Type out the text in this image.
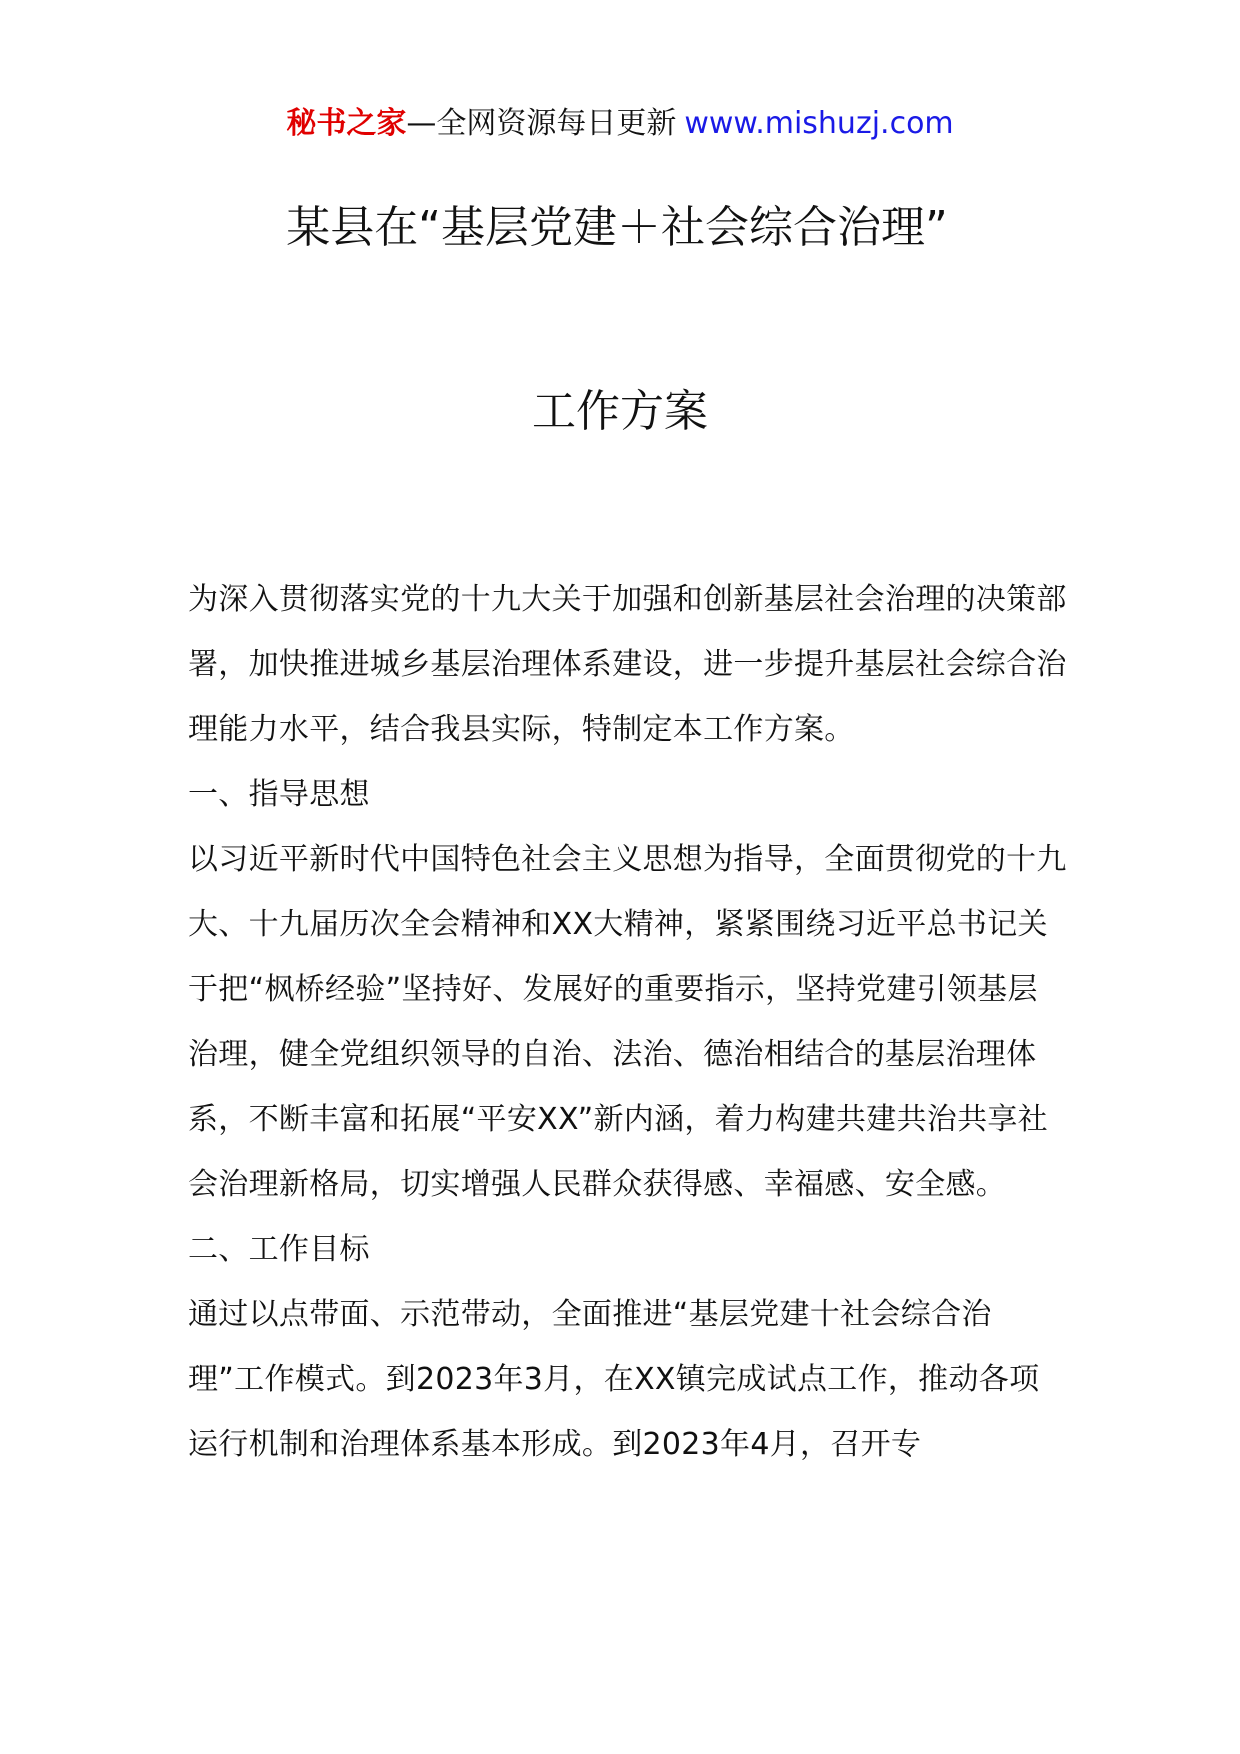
秘书之家—全网资源每日更新 www.mishuzj.com
某县在“基层党建＋社会综合治理”
工作方案

为深入贯彻落实党的十九大关于加强和创新基层社会治理的决策部署，加快推进城乡基层治理体系建设，进一步提升基层社会综合治理能力水平，结合我县实际，特制定本工作方案。

一、指导思想

以习近平新时代中国特色社会主义思想为指导，全面贯彻党的十九大、十九届历次全会精神和XX大精神，紧紧围绕习近平总书记关于把“枫桥经验”坚持好、发展好的重要指示，坚持党建引领基层治理，健全党组织领导的自治、法治、德治相结合的基层治理体系，不断丰富和拓展“平安XX”新内涵，着力构建共建共治共享社会治理新格局，切实增强人民群众获得感、幸福感、安全感。

二、工作目标

通过以点带面、示范带动，全面推进“基层党建十社会综合治理”工作模式。到2023年3月，在XX镇完成试点工作，推动各项运行机制和治理体系基本形成。到2023年4月，召开专
